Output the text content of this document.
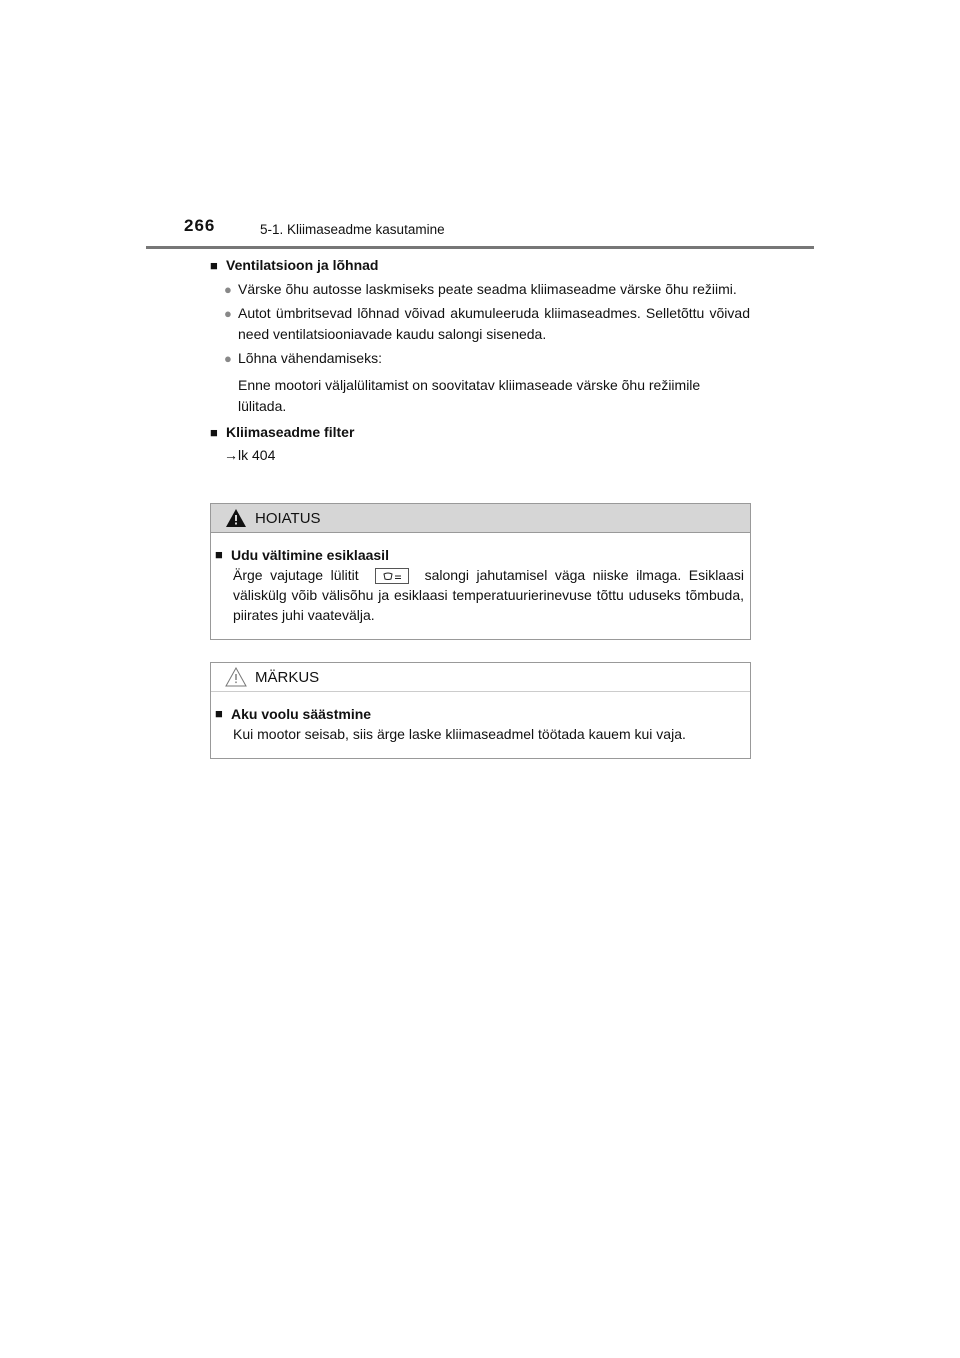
266	5-1. Kliimaseadme kasutamine
■ Ventilatsioon ja lõhnad
● Värske õhu autosse laskmiseks peate seadma kliimaseadme värske õhu režiimi.
● Autot ümbritsevad lõhnad võivad akumuleeruda kliimaseadmes. Selletõttu võivad need ventilatsiooniavade kaudu salongi siseneda.
● Lõhna vähendamiseks:
Enne mootori väljalülitamist on soovitatav kliimaseade värske õhu režiimile lülitada.
■ Kliimaseadme filter
→lk 404
HOIATUS
■ Udu vältimine esiklaasil
Ärge vajutage lülitit	salongi jahutamisel väga niiske ilmaga. Esiklaasi väliskülg võib välisõhu ja esiklaasi temperatuurierinevuse tõttu uduseks tõmbuda, piirates juhi vaatevälja.
MÄRKUS
■ Aku voolu säästmine
Kui mootor seisab, siis ärge laske kliimaseadmel töötada kauem kui vaja.
